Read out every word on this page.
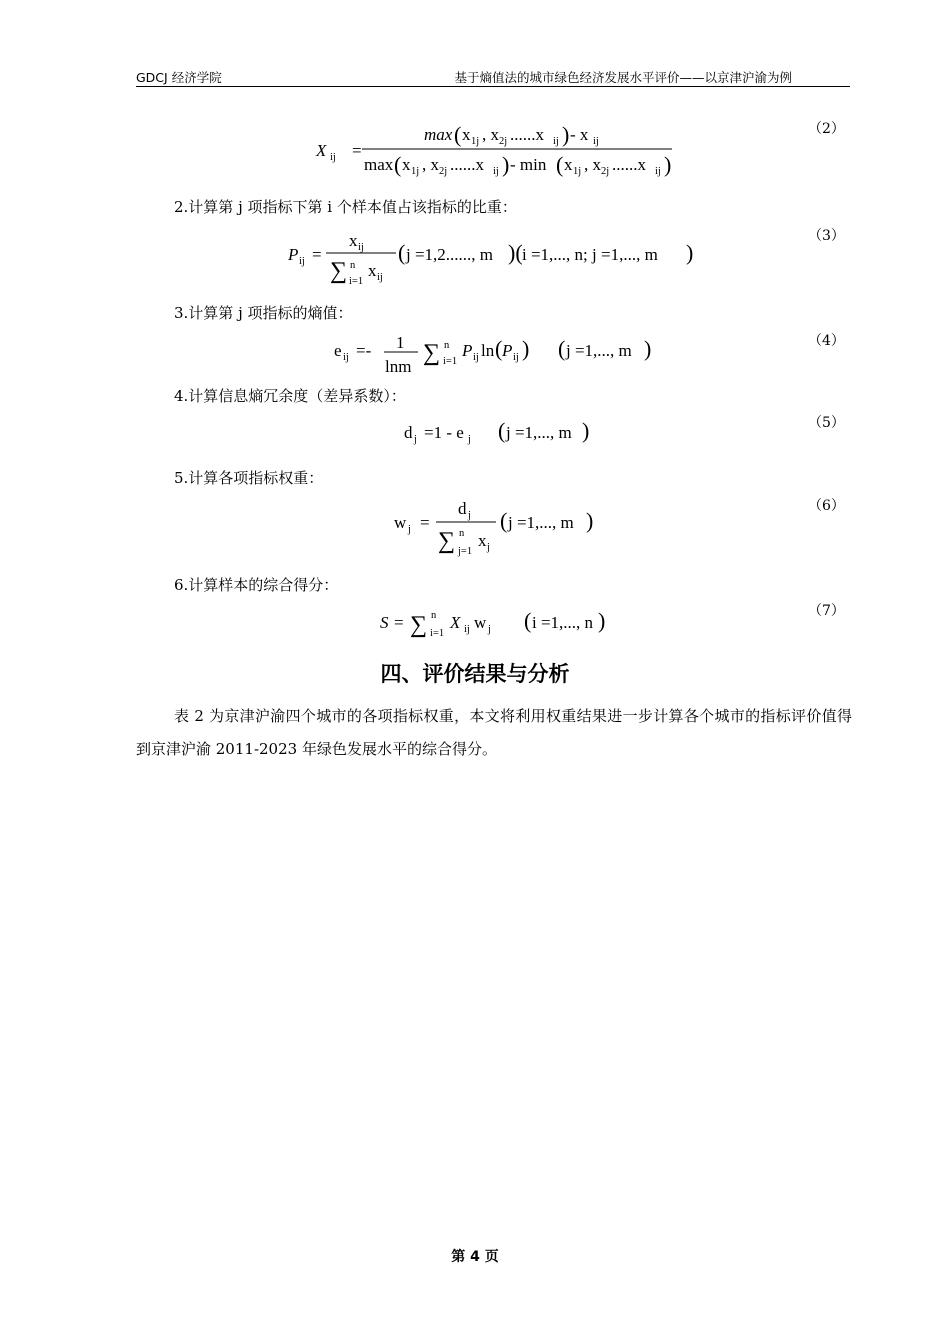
GDCJ 经济学院	基于熵值法的城市绿色经济发展水平评价——以京津沪渝为例
（2）
X ij =
max ( x 1j , x 2j ......x ij ) - x ij
max ( x 1j , x 2j ......x ij ) - min ( x 1j , x 2j ......x ij )
2.计算第 j 项指标下第 i 个样本值占该指标的比重：
（3）
P ij =
x ij
∑ n
i=1
x ij
( j =1,2......, m )( i =1,..., n; j =1,..., m )
3.计算第 j 项指标的熵值：
（4）
e ij =- 1
lnm
∑ n
i=1
P ij ln ( P ij ) ( j =1,..., m )
4.计算信息熵冗余度（差异系数）：
（5）
d j =1 - e j ( j =1,..., m )
5.计算各项指标权重：
（6）
w j =
d j
∑ n
j=1
x j
( j =1,..., m )
6.计算样本的综合得分：
（7）
S = ∑ n
i=1
X ij w j ( i =1,..., n )
四、评价结果与分析
表 2 为京津沪渝四个城市的各项指标权重，本文将利用权重结果进一步计算各个城市的指标评价值得到京津沪渝 2011-2023 年绿色发展水平的综合得分。
第 4 页
